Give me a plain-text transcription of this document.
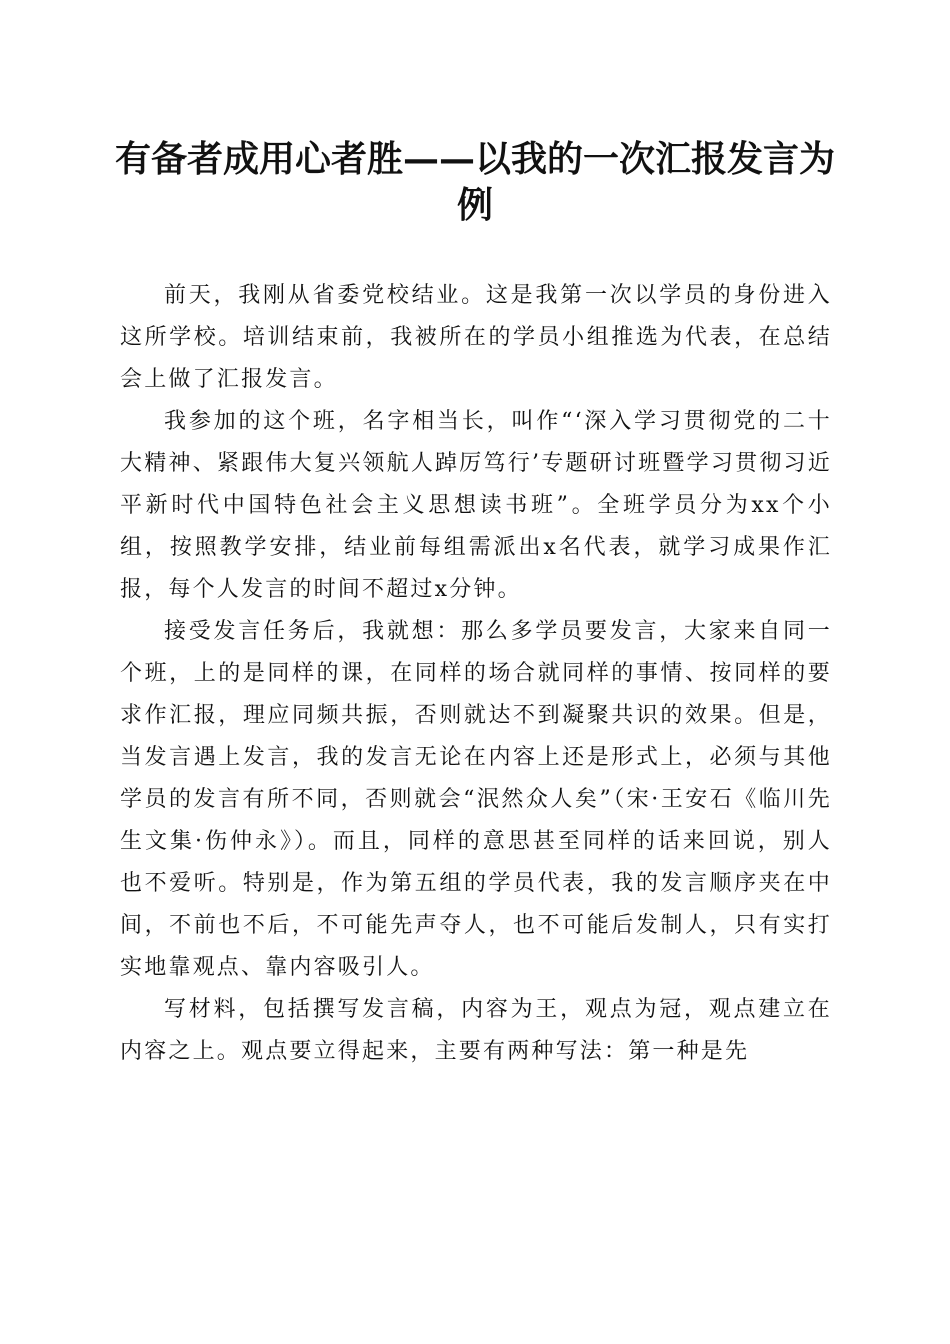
有备者成用心者胜——以我的一次汇报发言为例

前天，我刚从省委党校结业。这是我第一次以学员的身份进入这所学校。培训结束前，我被所在的学员小组推选为代表，在总结会上做了汇报发言。

我参加的这个班，名字相当长，叫作“‘深入学习贯彻党的二十大精神、紧跟伟大复兴领航人踔厉笃行’专题研讨班暨学习贯彻习近平新时代中国特色社会主义思想读书班”。全班学员分为xx个小组，按照教学安排，结业前每组需派出x名代表，就学习成果作汇报，每个人发言的时间不超过x分钟。

接受发言任务后，我就想：那么多学员要发言，大家来自同一个班，上的是同样的课，在同样的场合就同样的事情、按同样的要求作汇报，理应同频共振，否则就达不到凝聚共识的效果。但是，当发言遇上发言，我的发言无论在内容上还是形式上，必须与其他学员的发言有所不同，否则就会“泯然众人矣”（宋·王安石《临川先生文集·伤仲永》）。而且，同样的意思甚至同样的话来回说，别人也不爱听。特别是，作为第五组的学员代表，我的发言顺序夹在中间，不前也不后，不可能先声夺人，也不可能后发制人，只有实打实地靠观点、靠内容吸引人。

写材料，包括撰写发言稿，内容为王，观点为冠，观点建立在内容之上。观点要立得起来，主要有两种写法：第一种是先
